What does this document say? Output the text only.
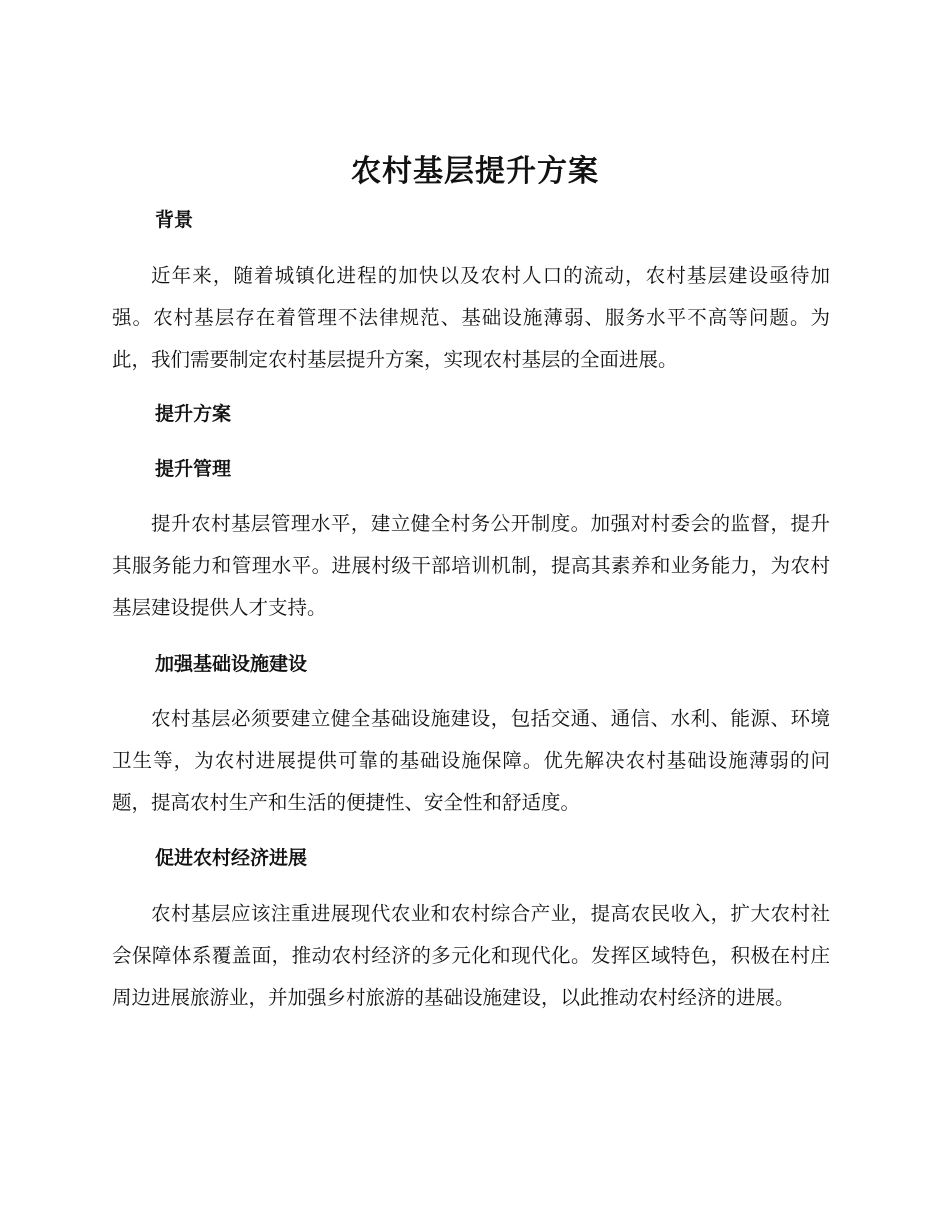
农村基层提升方案
背景

近年来，随着城镇化进程的加快以及农村人口的流动，农村基层建设亟待加强。农村基层存在着管理不法律规范、基础设施薄弱、服务水平不高等问题。为此，我们需要制定农村基层提升方案，实现农村基层的全面进展。

提升方案
提升管理

提升农村基层管理水平，建立健全村务公开制度。加强对村委会的监督，提升其服务能力和管理水平。进展村级干部培训机制，提高其素养和业务能力，为农村基层建设提供人才支持。

加强基础设施建设

农村基层必须要建立健全基础设施建设，包括交通、通信、水利、能源、环境卫生等，为农村进展提供可靠的基础设施保障。优先解决农村基础设施薄弱的问题，提高农村生产和生活的便捷性、安全性和舒适度。

促进农村经济进展

农村基层应该注重进展现代农业和农村综合产业，提高农民收入，扩大农村社会保障体系覆盖面，推动农村经济的多元化和现代化。发挥区域特色，积极在村庄周边进展旅游业，并加强乡村旅游的基础设施建设，以此推动农村经济的进展。
